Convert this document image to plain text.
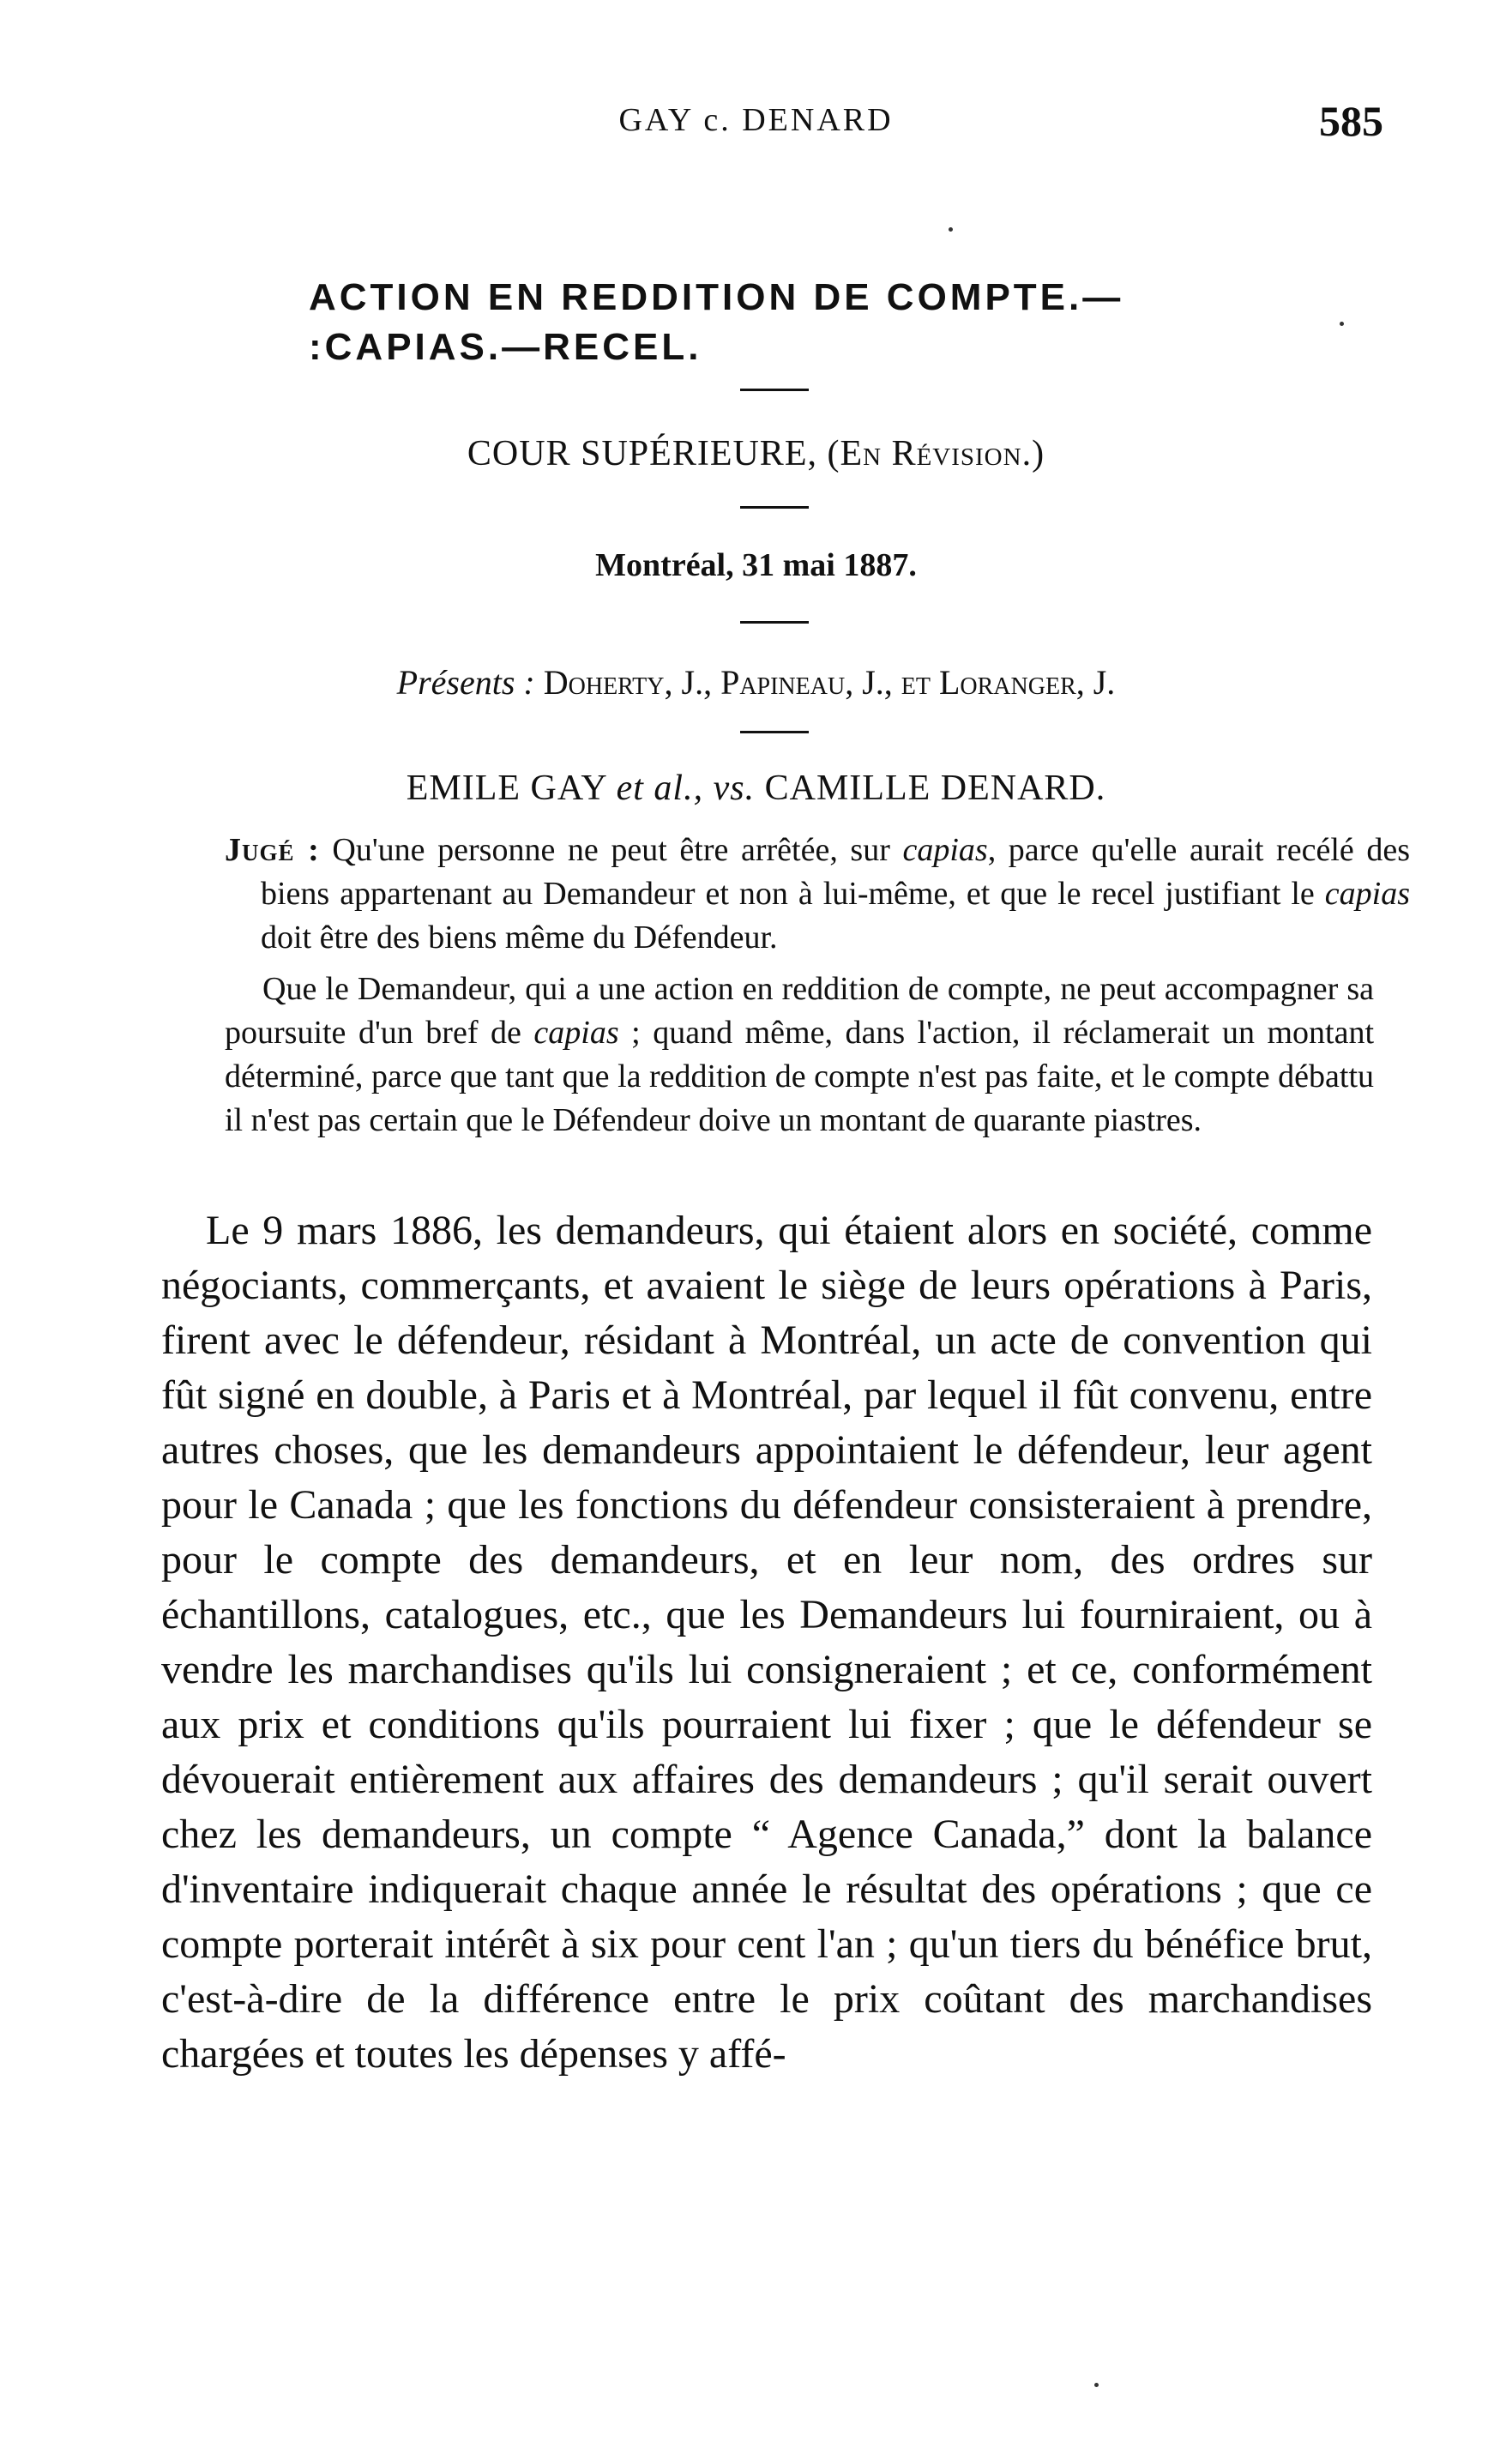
GAY c. DENARD	585
ACTION EN REDDITION DE COMPTE.—
:CAPIAS.—RECEL.
COUR SUPÉRIEURE, (En Révision.)
Montréal, 31 mai 1887.
Présents : Doherty, J., Papineau, J., et Loranger, J.
EMILE GAY et al., vs. CAMILLE DENARD.
Jugé : Qu'une personne ne peut être arrêtée, sur capias, parce qu'elle aurait recélé des biens appartenant au Demandeur et non à lui-même, et que le recel justifiant le capias doit être des biens même du Défendeur.
Que le Demandeur, qui a une action en reddition de compte, ne peut accompagner sa poursuite d'un bref de capias ; quand même, dans l'action, il réclamerait un montant déterminé, parce que tant que la reddition de compte n'est pas faite, et le compte débattu il n'est pas certain que le Défendeur doive un montant de quarante piastres.
Le 9 mars 1886, les demandeurs, qui étaient alors en société, comme négociants, commerçants, et avaient le siège de leurs opérations à Paris, firent avec le défendeur, résidant à Montréal, un acte de convention qui fût signé en double, à Paris et à Montréal, par lequel il fût convenu, entre autres choses, que les demandeurs appointaient le défendeur, leur agent pour le Canada ; que les fonctions du défendeur consisteraient à prendre, pour le compte des demandeurs, et en leur nom, des ordres sur échantillons, catalogues, etc., que les Demandeurs lui fourniraient, ou à vendre les marchandises qu'ils lui consigneraient ; et ce, conformément aux prix et conditions qu'ils pourraient lui fixer ; que le défendeur se dévouerait entièrement aux affaires des demandeurs ; qu'il serait ouvert chez les demandeurs, un compte “ Agence Canada,” dont la balance d'inventaire indiquerait chaque année le résultat des opérations ; que ce compte porterait intérêt à six pour cent l'an ; qu'un tiers du bénéfice brut, c'est-à-dire de la différence entre le prix coûtant des marchandises chargées et toutes les dépenses y affé-
